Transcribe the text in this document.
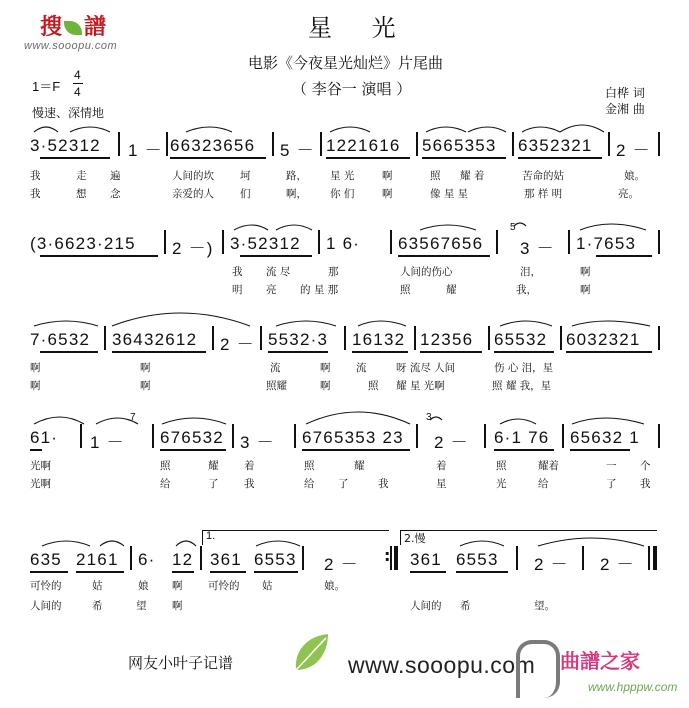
搜 譜
www.sooopu.com
星 光
电影《今夜星光灿烂》片尾曲
（ 李谷一 演唱 ）
1＝F
4
4
慢速、深情地
白桦 词
金湘 曲
3·52312 1 － 66323656 5 － 1221616 5665353 6352321 2 －
我	走 遍	人间的坎 坷	路， 星 光	啊	照 耀 着	苦命的姑	娘。
我	想 念	亲爱的人 们	啊， 你 们	啊	像 星 星	那 样 明	亮。
(3·6623·215 2 －) 3·52312 1 6· 63567656
5
3 － 1·7653
我 流 尽	那	人间的伤心	泪，	啊
明 亮 的 星 那	照	耀	我，	啊
7·6532 36432612 2 － 5532·3 16132 12356 65532 6032321
啊	啊	流	啊 流	呀 流尽 人间	伤 心 泪，星
啊	啊	照耀	啊	照 耀 星 光啊	照 耀 我，星
61·
7
1 － 676532 3 － 6765353 23
3
2 － 6·1 76 65632 1
光啊	照	耀 着	照	耀	着	照	耀着	一 个
光啊	给	了 我	给 了	我	星	光	给	了 我
1.	2.慢
635 2161 6· 12 361 6553 2 － : 361 6553 2 － 2 －
可怜的	姑	娘 啊 可怜的 姑	娘。
人间的	希	望 啊	人间的 希	望。
网友小叶子记谱	www.sooopu.com 曲譜之家
www.hpppw.com
